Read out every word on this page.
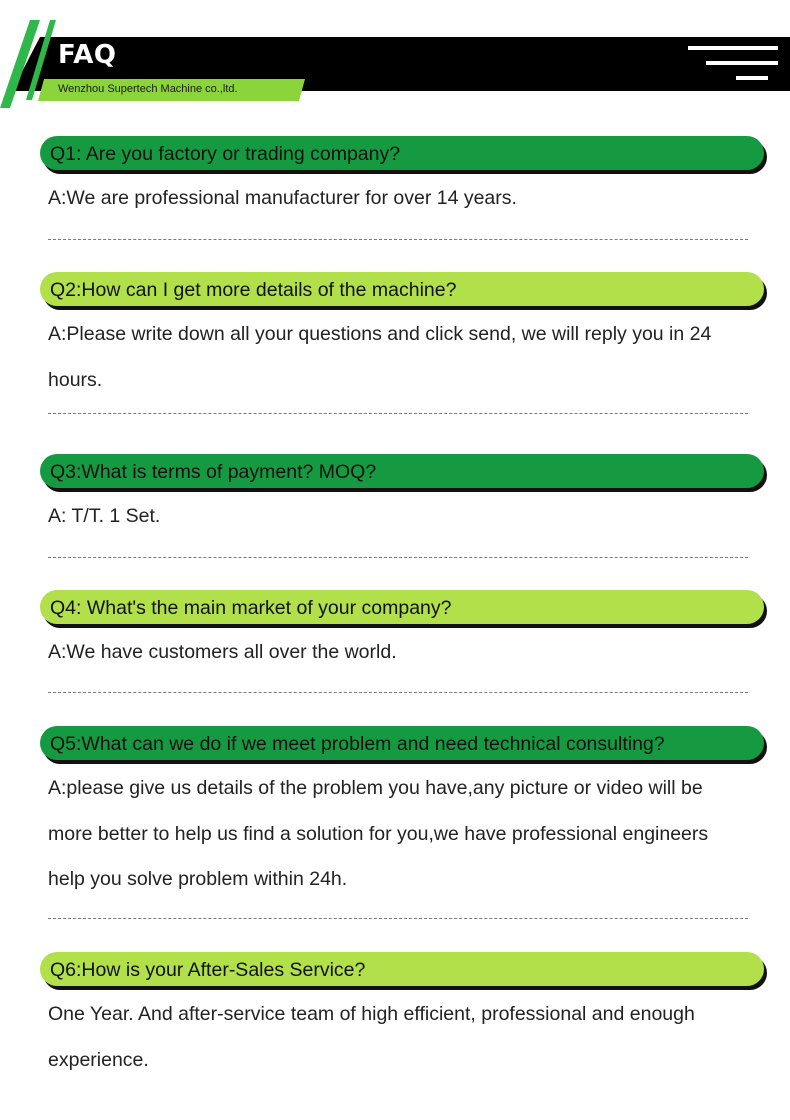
FAQ
Wenzhou Supertech Machine co.,ltd.
Q1: Are you factory or trading company?
A:We are professional manufacturer for over 14 years.
Q2:How can I get more details of the machine?
A:Please write down all your questions and click send, we will reply you in 24
hours.
Q3:What is terms of payment? MOQ?
A: T/T. 1 Set.
Q4: What's the main market of your company?
A:We have customers all over the world.
Q5:What can we do if we meet problem and need technical consulting?
A:please give us details of the problem you have,any picture or video will be
more better to help us find a solution for you,we have professional engineers
help you solve problem within 24h.
Q6:How is your After-Sales Service?
One Year. And after-service team of high efficient, professional and enough
experience.
